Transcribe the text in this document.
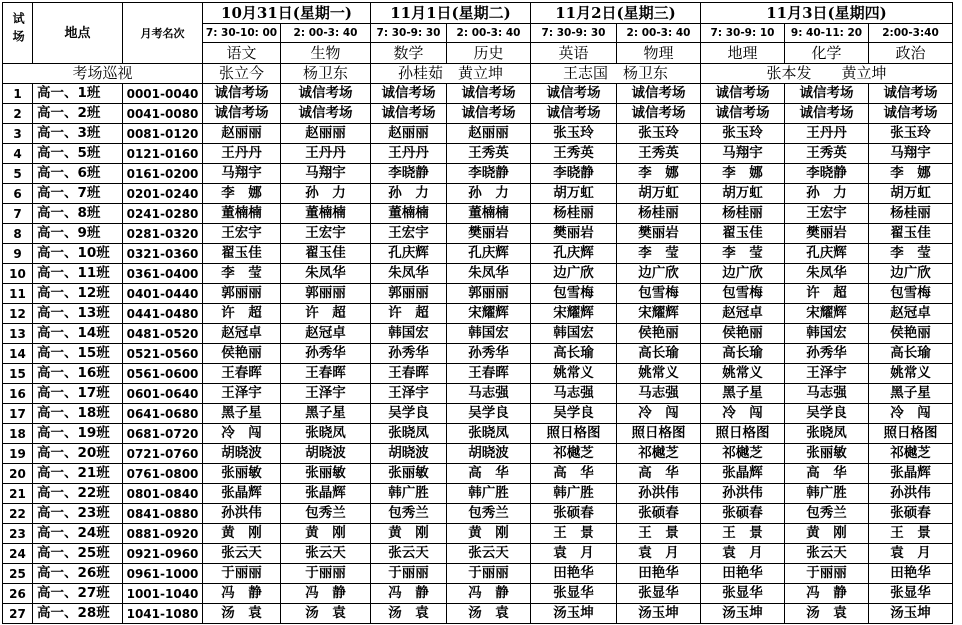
试场	地点	月考名次	10月31日(星期一)		11月1日(星期二)		11月2日(星期三)		11月3日(星期四)		
			7: 30-10: 00	2: 00-3: 40	7: 30-9: 30	2: 00-3: 40	7: 30-9: 30	2: 00-3: 40	7: 30-9: 10	9: 40-11: 20	2:00-3:40
			语文	生物	数学	历史	英语	物理	地理	化学	政治
考场巡视			张立今	杨卫东	孙桂茹　黄立坤		王志国　杨卫东		张本发　　黄立坤		
1	高一、1班	0001-0040	诚信考场	诚信考场	诚信考场	诚信考场	诚信考场	诚信考场	诚信考场	诚信考场	诚信考场
2	高一、2班	0041-0080	诚信考场	诚信考场	诚信考场	诚信考场	诚信考场	诚信考场	诚信考场	诚信考场	诚信考场
3	高一、3班	0081-0120	赵丽丽	赵丽丽	赵丽丽	赵丽丽	张玉玲	张玉玲	张玉玲	王丹丹	张玉玲
4	高一、5班	0121-0160	王丹丹	王丹丹	王丹丹	王秀英	王秀英	王秀英	马翔宇	王秀英	马翔宇
5	高一、6班	0161-0200	马翔宇	马翔宇	李晓静	李晓静	李晓静	李　娜	李　娜	李晓静	李　娜
6	高一、7班	0201-0240	李　娜	孙　力	孙　力	孙　力	胡万虹	胡万虹	胡万虹	孙　力	胡万虹
7	高一、8班	0241-0280	董楠楠	董楠楠	董楠楠	董楠楠	杨桂丽	杨桂丽	杨桂丽	王宏宇	杨桂丽
8	高一、9班	0281-0320	王宏宇	王宏宇	王宏宇	樊丽岩	樊丽岩	樊丽岩	翟玉佳	樊丽岩	翟玉佳
9	高一、10班	0321-0360	翟玉佳	翟玉佳	孔庆辉	孔庆辉	孔庆辉	李　莹	李　莹	孔庆辉	李　莹
10	高一、11班	0361-0400	李　莹	朱凤华	朱凤华	朱凤华	边广欣	边广欣	边广欣	朱凤华	边广欣
11	高一、12班	0401-0440	郭丽丽	郭丽丽	郭丽丽	郭丽丽	包雪梅	包雪梅	包雪梅	许　超	包雪梅
12	高一、13班	0441-0480	许　超	许　超	许　超	宋耀辉	宋耀辉	宋耀辉	赵冠卓	宋耀辉	赵冠卓
13	高一、14班	0481-0520	赵冠卓	赵冠卓	韩国宏	韩国宏	韩国宏	侯艳丽	侯艳丽	韩国宏	侯艳丽
14	高一、15班	0521-0560	侯艳丽	孙秀华	孙秀华	孙秀华	高长瑜	高长瑜	高长瑜	孙秀华	高长瑜
15	高一、16班	0561-0600	王春晖	王春晖	王春晖	王春晖	姚常义	姚常义	姚常义	王泽宇	姚常义
16	高一、17班	0601-0640	王泽宇	王泽宇	王泽宇	马志强	马志强	马志强	黑子星	马志强	黑子星
17	高一、18班	0641-0680	黑子星	黑子星	吴学良	吴学良	吴学良	冷　闯	冷　闯	吴学良	冷　闯
18	高一、19班	0681-0720	冷　闯	张晓凤	张晓凤	张晓凤	照日格图	照日格图	照日格图	张晓凤	照日格图
19	高一、20班	0721-0760	胡晓波	胡晓波	胡晓波	胡晓波	祁樾芝	祁樾芝	祁樾芝	张丽敏	祁樾芝
20	高一、21班	0761-0800	张丽敏	张丽敏	张丽敏	高　华	高　华	高　华	张晶辉	高　华	张晶辉
21	高一、22班	0801-0840	张晶辉	张晶辉	韩广胜	韩广胜	韩广胜	孙洪伟	孙洪伟	韩广胜	孙洪伟
22	高一、23班	0841-0880	孙洪伟	包秀兰	包秀兰	包秀兰	张硕春	张硕春	张硕春	包秀兰	张硕春
23	高一、24班	0881-0920	黄　刚	黄　刚	黄　刚	黄　刚	王　景	王　景	王　景	黄　刚	王　景
24	高一、25班	0921-0960	张云天	张云天	张云天	张云天	袁　月	袁　月	袁　月	张云天	袁　月
25	高一、26班	0961-1000	于丽丽	于丽丽	于丽丽	于丽丽	田艳华	田艳华	田艳华	于丽丽	田艳华
26	高一、27班	1001-1040	冯　静	冯　静	冯　静	冯　静	张显华	张显华	张显华	冯　静	张显华
27	高一、28班	1041-1080	汤　袁	汤　袁	汤　袁	汤　袁	汤玉坤	汤玉坤	汤玉坤	汤　袁	汤玉坤
